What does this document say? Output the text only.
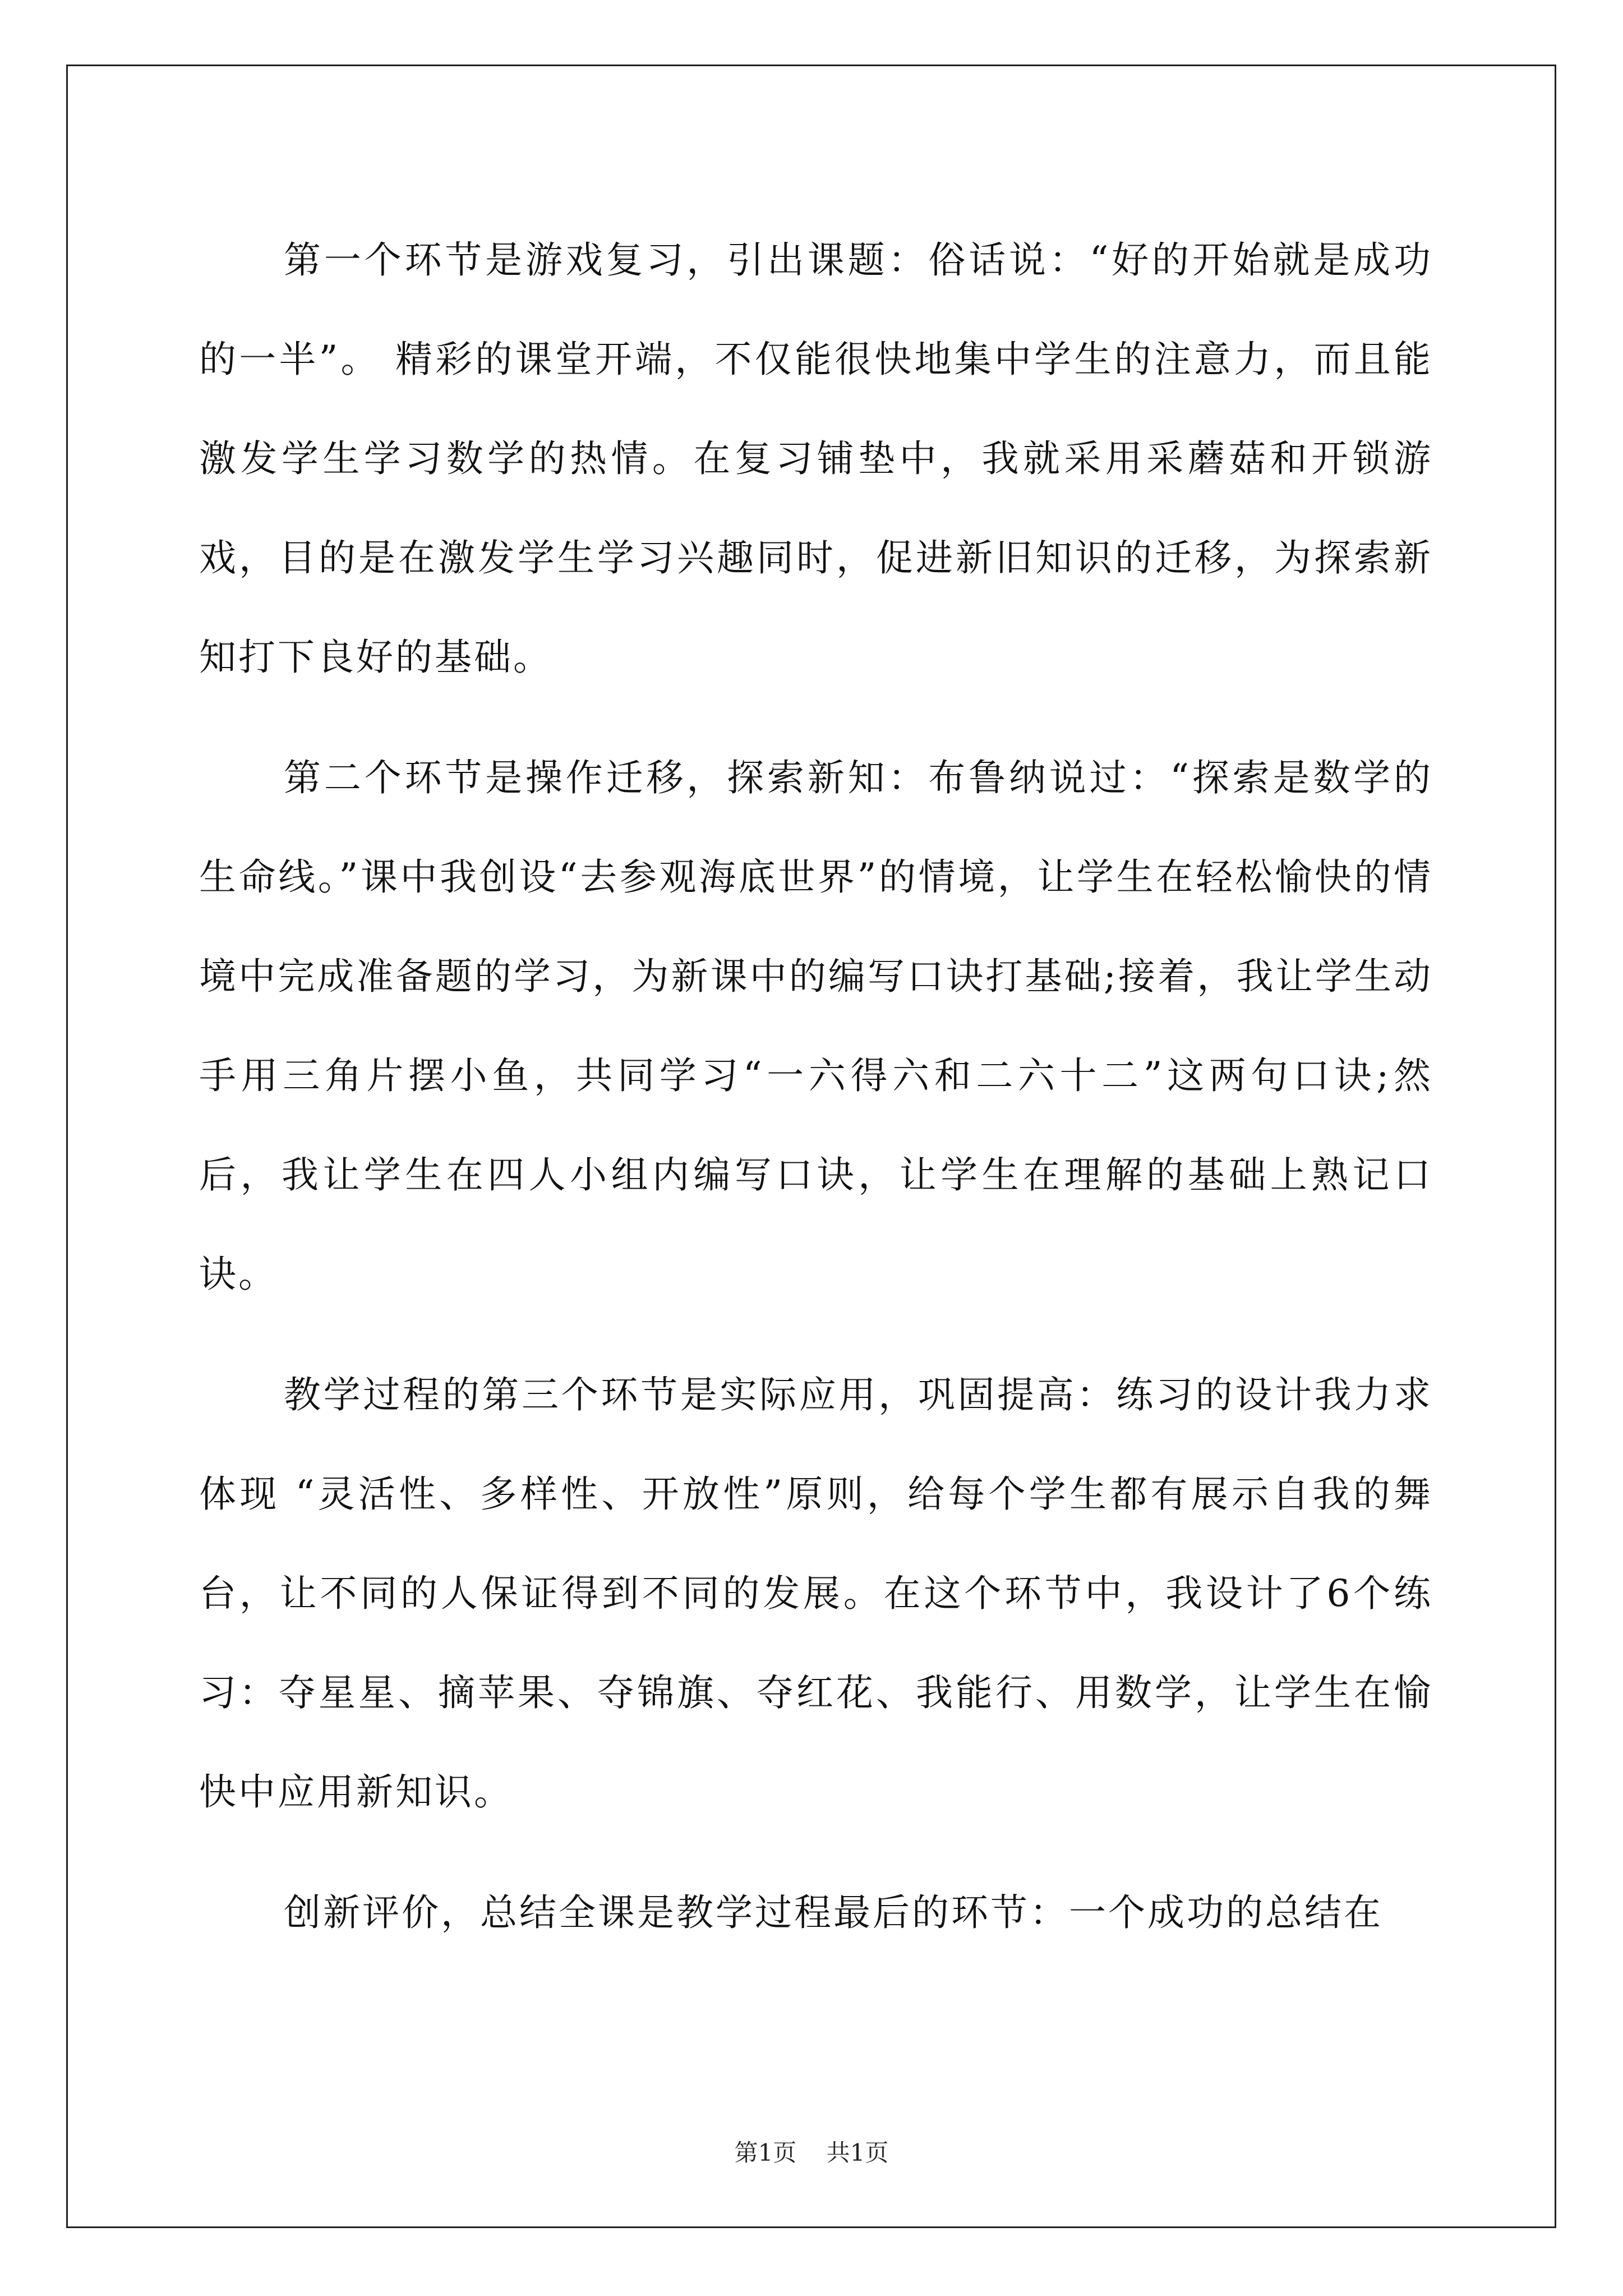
第一个环节是游戏复习，引出课题：俗话说：“好的开始就是成功的一半”。 精彩的课堂开端，不仅能很快地集中学生的注意力，而且能激发学生学习数学的热情。在复习铺垫中，我就采用采蘑菇和开锁游戏，目的是在激发学生学习兴趣同时，促进新旧知识的迁移，为探索新知打下良好的基础。

第二个环节是操作迁移，探索新知：布鲁纳说过：“探索是数学的生命线。”课中我创设“去参观海底世界”的情境，让学生在轻松愉快的情境中完成准备题的学习，为新课中的编写口诀打基础;接着，我让学生动手用三角片摆小鱼，共同学习“一六得六和二六十二”这两句口诀;然后，我让学生在四人小组内编写口诀，让学生在理解的基础上熟记口诀。

教学过程的第三个环节是实际应用，巩固提高：练习的设计我力求体现 “灵活性、多样性、开放性”原则，给每个学生都有展示自我的舞台，让不同的人保证得到不同的发展。在这个环节中，我设计了6个练习：夺星星、摘苹果、夺锦旗、夺红花、我能行、用数学，让学生在愉快中应用新知识。

创新评价，总结全课是教学过程最后的环节：一个成功的总结在

第1页 共1页
